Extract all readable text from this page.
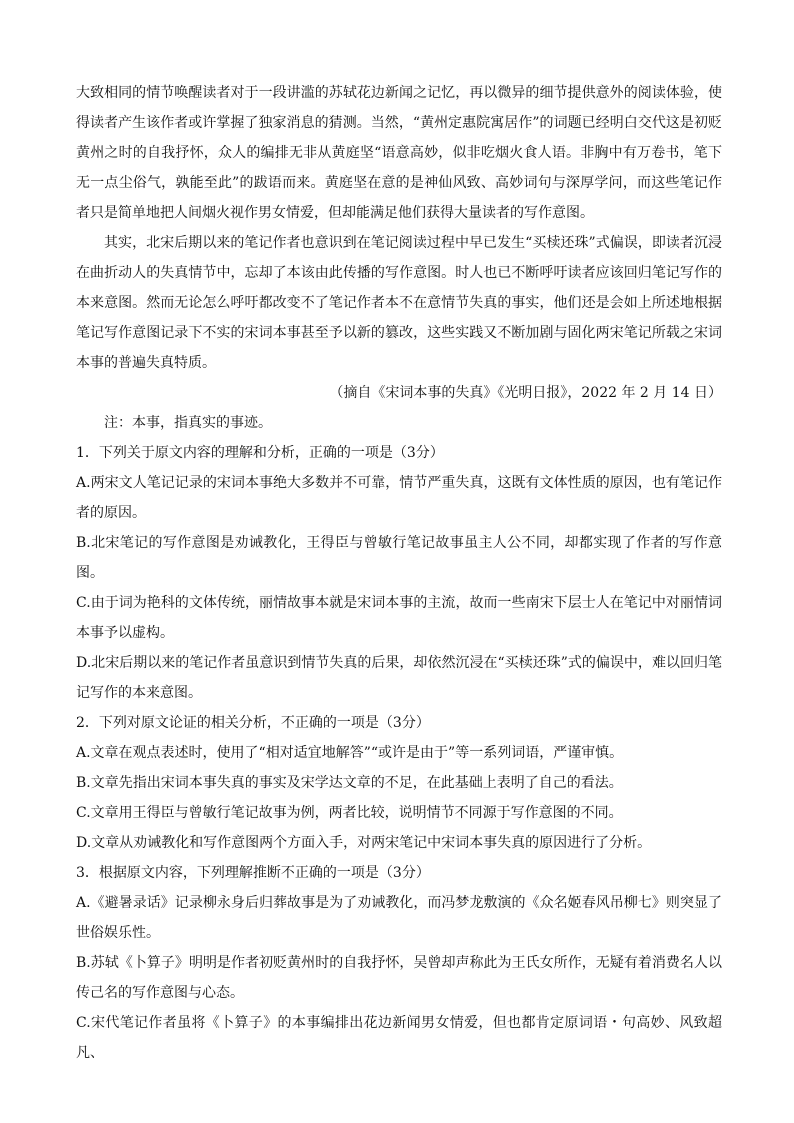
大致相同的情节唤醒读者对于一段讲滥的苏轼花边新闻之记忆，再以微异的细节提供意外的阅读体验，使得读者产生该作者或许掌握了独家消息的猜测。当然，“黄州定惠院寓居作”的词题已经明白交代这是初贬黄州之时的自我抒怀，众人的编排无非从黄庭坚“语意高妙，似非吃烟火食人语。非胸中有万卷书，笔下无一点尘俗气，孰能至此”的跋语而来。黄庭坚在意的是神仙风致、高妙词句与深厚学问，而这些笔记作者只是简单地把人间烟火视作男女情爱，但却能满足他们获得大量读者的写作意图。

其实，北宋后期以来的笔记作者也意识到在笔记阅读过程中早已发生“买椟还珠”式偏误，即读者沉浸在曲折动人的失真情节中，忘却了本该由此传播的写作意图。时人也已不断呼吁读者应该回归笔记写作的本来意图。然而无论怎么呼吁都改变不了笔记作者本不在意情节失真的事实，他们还是会如上所述地根据笔记写作意图记录下不实的宋词本事甚至予以新的篡改，这些实践又不断加剧与固化两宋笔记所载之宋词本事的普遍失真特质。

（摘自《宋词本事的失真》《光明日报》，2022 年 2 月 14 日）

注：本事，指真实的事迹。

1．下列关于原文内容的理解和分析，正确的一项是（3分）

A.两宋文人笔记记录的宋词本事绝大多数并不可靠，情节严重失真，这既有文体性质的原因，也有笔记作者的原因。

B.北宋笔记的写作意图是劝诫教化，王得臣与曾敏行笔记故事虽主人公不同，却都实现了作者的写作意图。

C.由于词为艳科的文体传统，丽情故事本就是宋词本事的主流，故而一些南宋下层士人在笔记中对丽情词本事予以虚构。

D.北宋后期以来的笔记作者虽意识到情节失真的后果，却依然沉浸在“买椟还珠”式的偏误中，难以回归笔记写作的本来意图。

2．下列对原文论证的相关分析，不正确的一项是（3分）

A.文章在观点表述时，使用了“相对适宜地解答”“或许是由于”等一系列词语，严谨审慎。

B.文章先指出宋词本事失真的事实及宋学达文章的不足，在此基础上表明了自己的看法。

C.文章用王得臣与曾敏行笔记故事为例，两者比较，说明情节不同源于写作意图的不同。

D.文章从劝诫教化和写作意图两个方面入手，对两宋笔记中宋词本事失真的原因进行了分析。

3．根据原文内容，下列理解推断不正确的一项是（3分）

A.《避暑录话》记录柳永身后归葬故事是为了劝诫教化，而冯梦龙敷演的《众名姬春风吊柳七》则突显了世俗娱乐性。

B.苏轼《卜算子》明明是作者初贬黄州时的自我抒怀，吴曾却声称此为王氏女所作，无疑有着消费名人以传己名的写作意图与心态。

C.宋代笔记作者虽将《卜算子》的本事编排出花边新闻男女情爱，但也都肯定原词语・句高妙、风致超凡、
